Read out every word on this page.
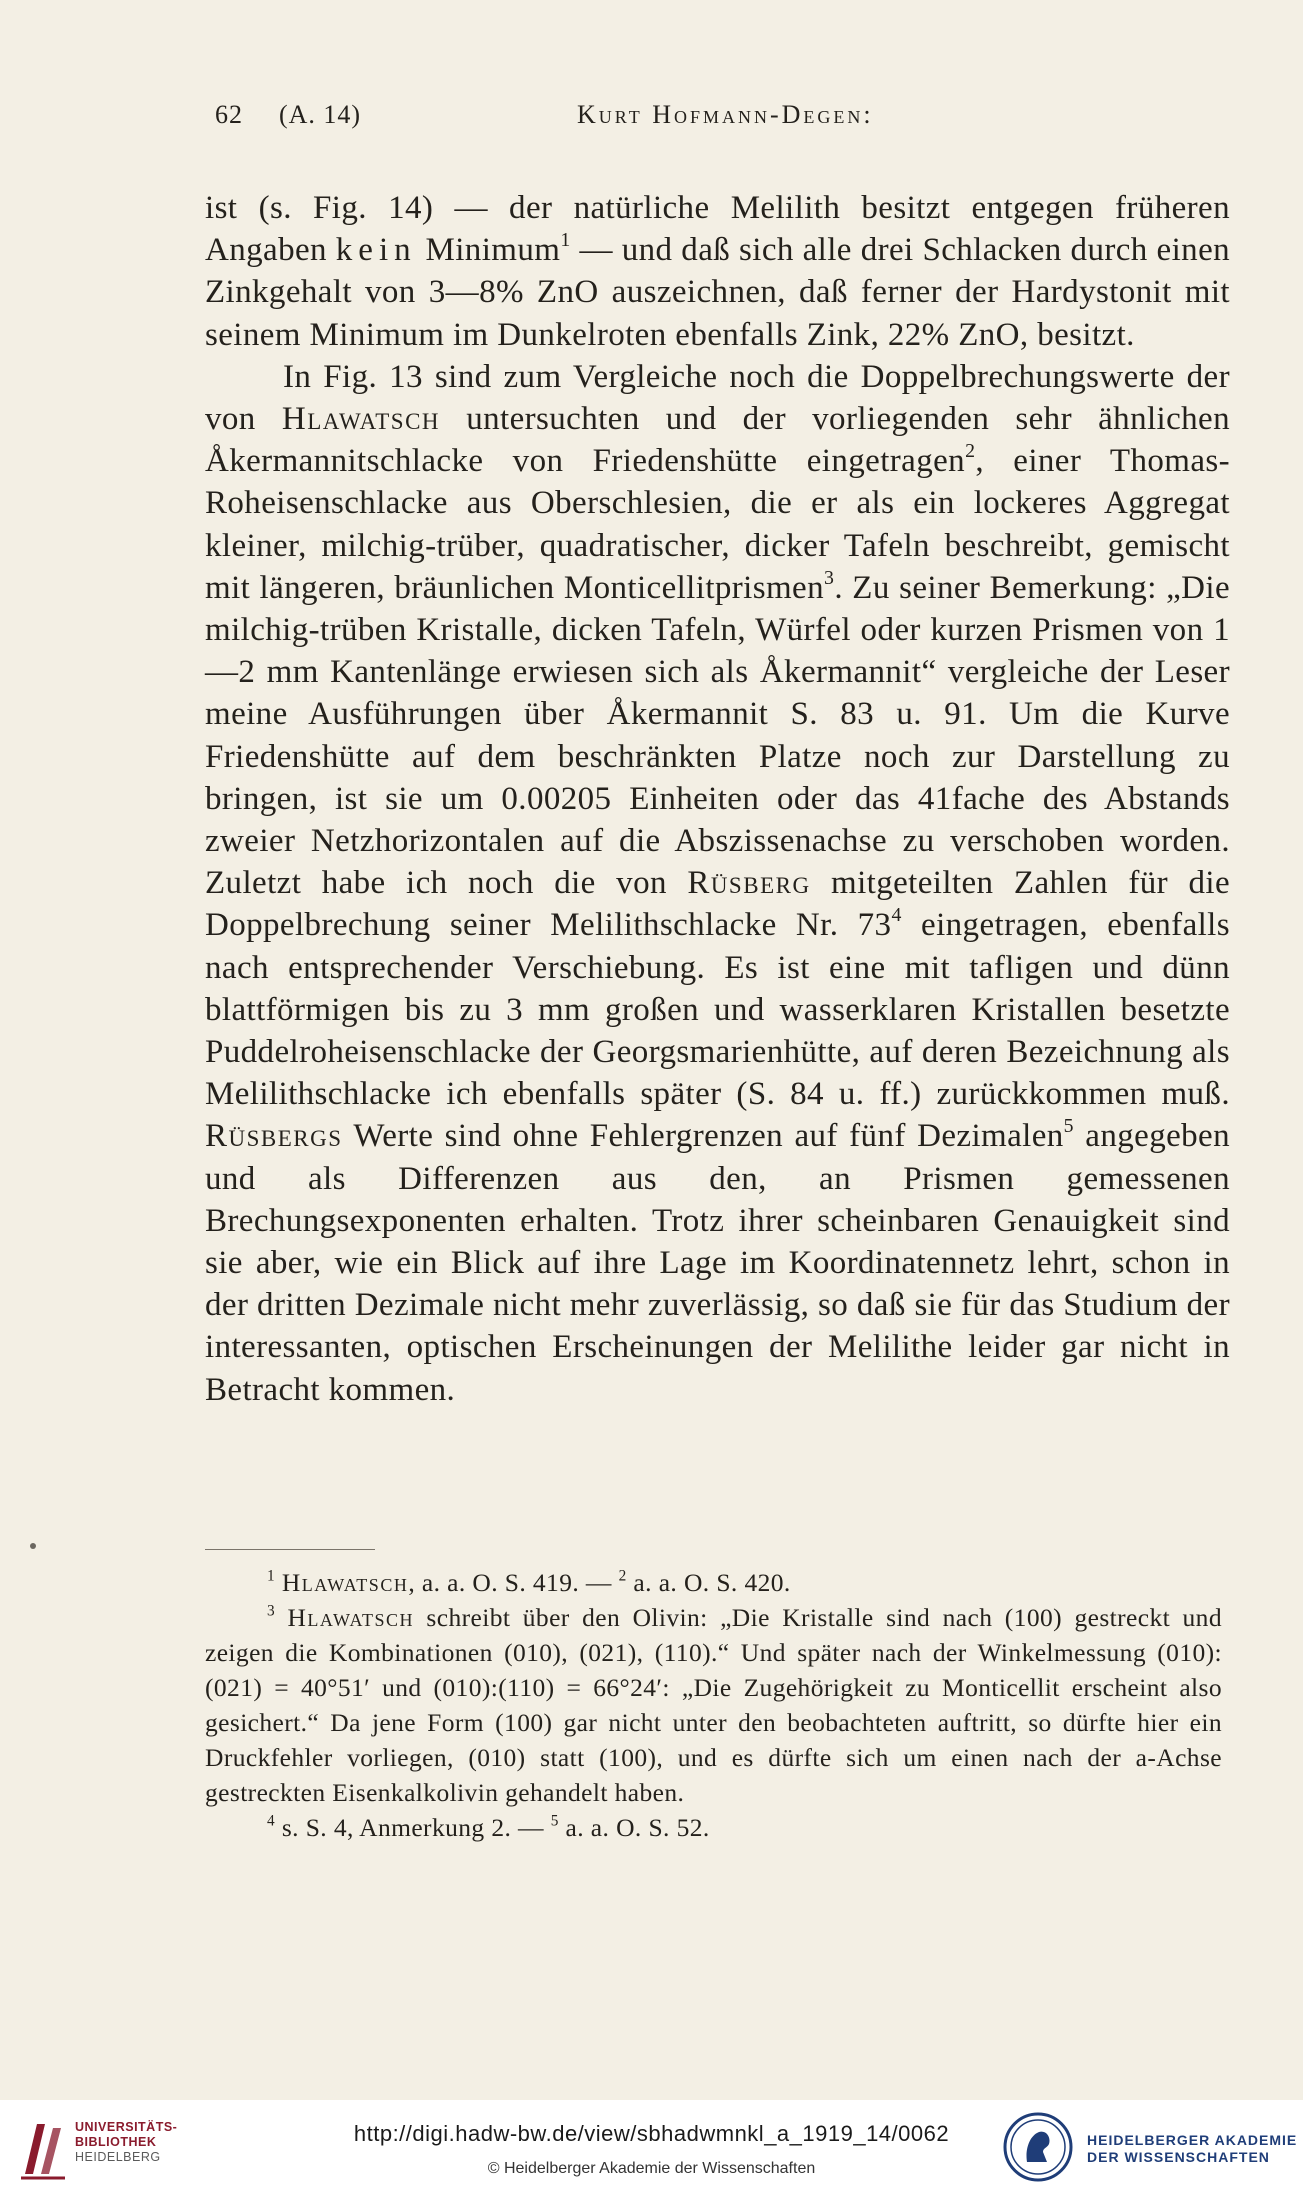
62 (A. 14)	Kurt Hofmann-Degen:

ist (s. Fig. 14) — der natürliche Melilith besitzt entgegen früheren Angaben kein Minimum$^1$ — und daß sich alle drei Schlacken durch einen Zinkgehalt von 3—8% ZnO auszeichnen, daß ferner der Hardystonit mit seinem Minimum im Dunkelroten ebenfalls Zink, 22% ZnO, besitzt.

In Fig. 13 sind zum Vergleiche noch die Doppelbrechungswerte der von Hlawatsch untersuchten und der vorliegenden sehr ähnlichen Åkermannitschlacke von Friedenshütte eingetragen$^2$, einer Thomas-Roheisenschlacke aus Oberschlesien, die er als ein lockeres Aggregat kleiner, milchig-trüber, quadratischer, dicker Tafeln beschreibt, gemischt mit längeren, bräunlichen Monticellitprismen$^3$. Zu seiner Bemerkung: „Die milchig-trüben Kristalle, dicken Tafeln, Würfel oder kurzen Prismen von 1—2 mm Kantenlänge erwiesen sich als Åkermannit“ vergleiche der Leser meine Ausführungen über Åkermannit S. 83 u. 91. Um die Kurve Friedenshütte auf dem beschränkten Platze noch zur Darstellung zu bringen, ist sie um 0.00205 Einheiten oder das 41fache des Abstands zweier Netzhorizontalen auf die Abszissenachse zu verschoben worden. Zuletzt habe ich noch die von Rüsberg mitgeteilten Zahlen für die Doppelbrechung seiner Melilithschlacke Nr. $73^4$ eingetragen, ebenfalls nach entsprechender Verschiebung. Es ist eine mit tafligen und dünn blattförmigen bis zu 3 mm großen und wasserklaren Kristallen besetzte Puddelroheisenschlacke der Georgsmarienhütte, auf deren Bezeichnung als Melilithschlacke ich ebenfalls später (S. 84 u. ff.) zurückkommen muß. Rüsbergs Werte sind ohne Fehlergrenzen auf fünf Dezimalen$^5$ angegeben und als Differenzen aus den, an Prismen gemessenen Brechungsexponenten erhalten. Trotz ihrer scheinbaren Genauigkeit sind sie aber, wie ein Blick auf ihre Lage im Koordinatennetz lehrt, schon in der dritten Dezimale nicht mehr zuverlässig, so daß sie für das Studium der interessanten, optischen Erscheinungen der Melilithe leider gar nicht in Betracht kommen.

$^1$ Hlawatsch, a. a. O. S. 419. — $^2$ a. a. O. S. 420.

$^3$ Hlawatsch schreibt über den Olivin: „Die Kristalle sind nach (100) gestreckt und zeigen die Kombinationen (010), (021), (110).“ Und später nach der Winkelmessung (010):(021) = 40°51′ und (010):(110) = 66°24′: „Die Zugehörigkeit zu Monticellit erscheint also gesichert.“ Da jene Form (100) gar nicht unter den beobachteten auftritt, so dürfte hier ein Druckfehler vorliegen, (010) statt (100), und es dürfte sich um einen nach der a-Achse gestreckten Eisenkalkolivin gehandelt haben.

$^4$ s. S. 4, Anmerkung 2. — $^5$ a. a. O. S. 52.

UNIVERSITÄTS-
BIBLIOTHEK
HEIDELBERG
http://digi.hadw-bw.de/view/sbhadwmnkl_a_1919_14/0062
© Heidelberger Akademie der Wissenschaften
HEIDELBERGER AKADEMIE
DER WISSENSCHAFTEN
